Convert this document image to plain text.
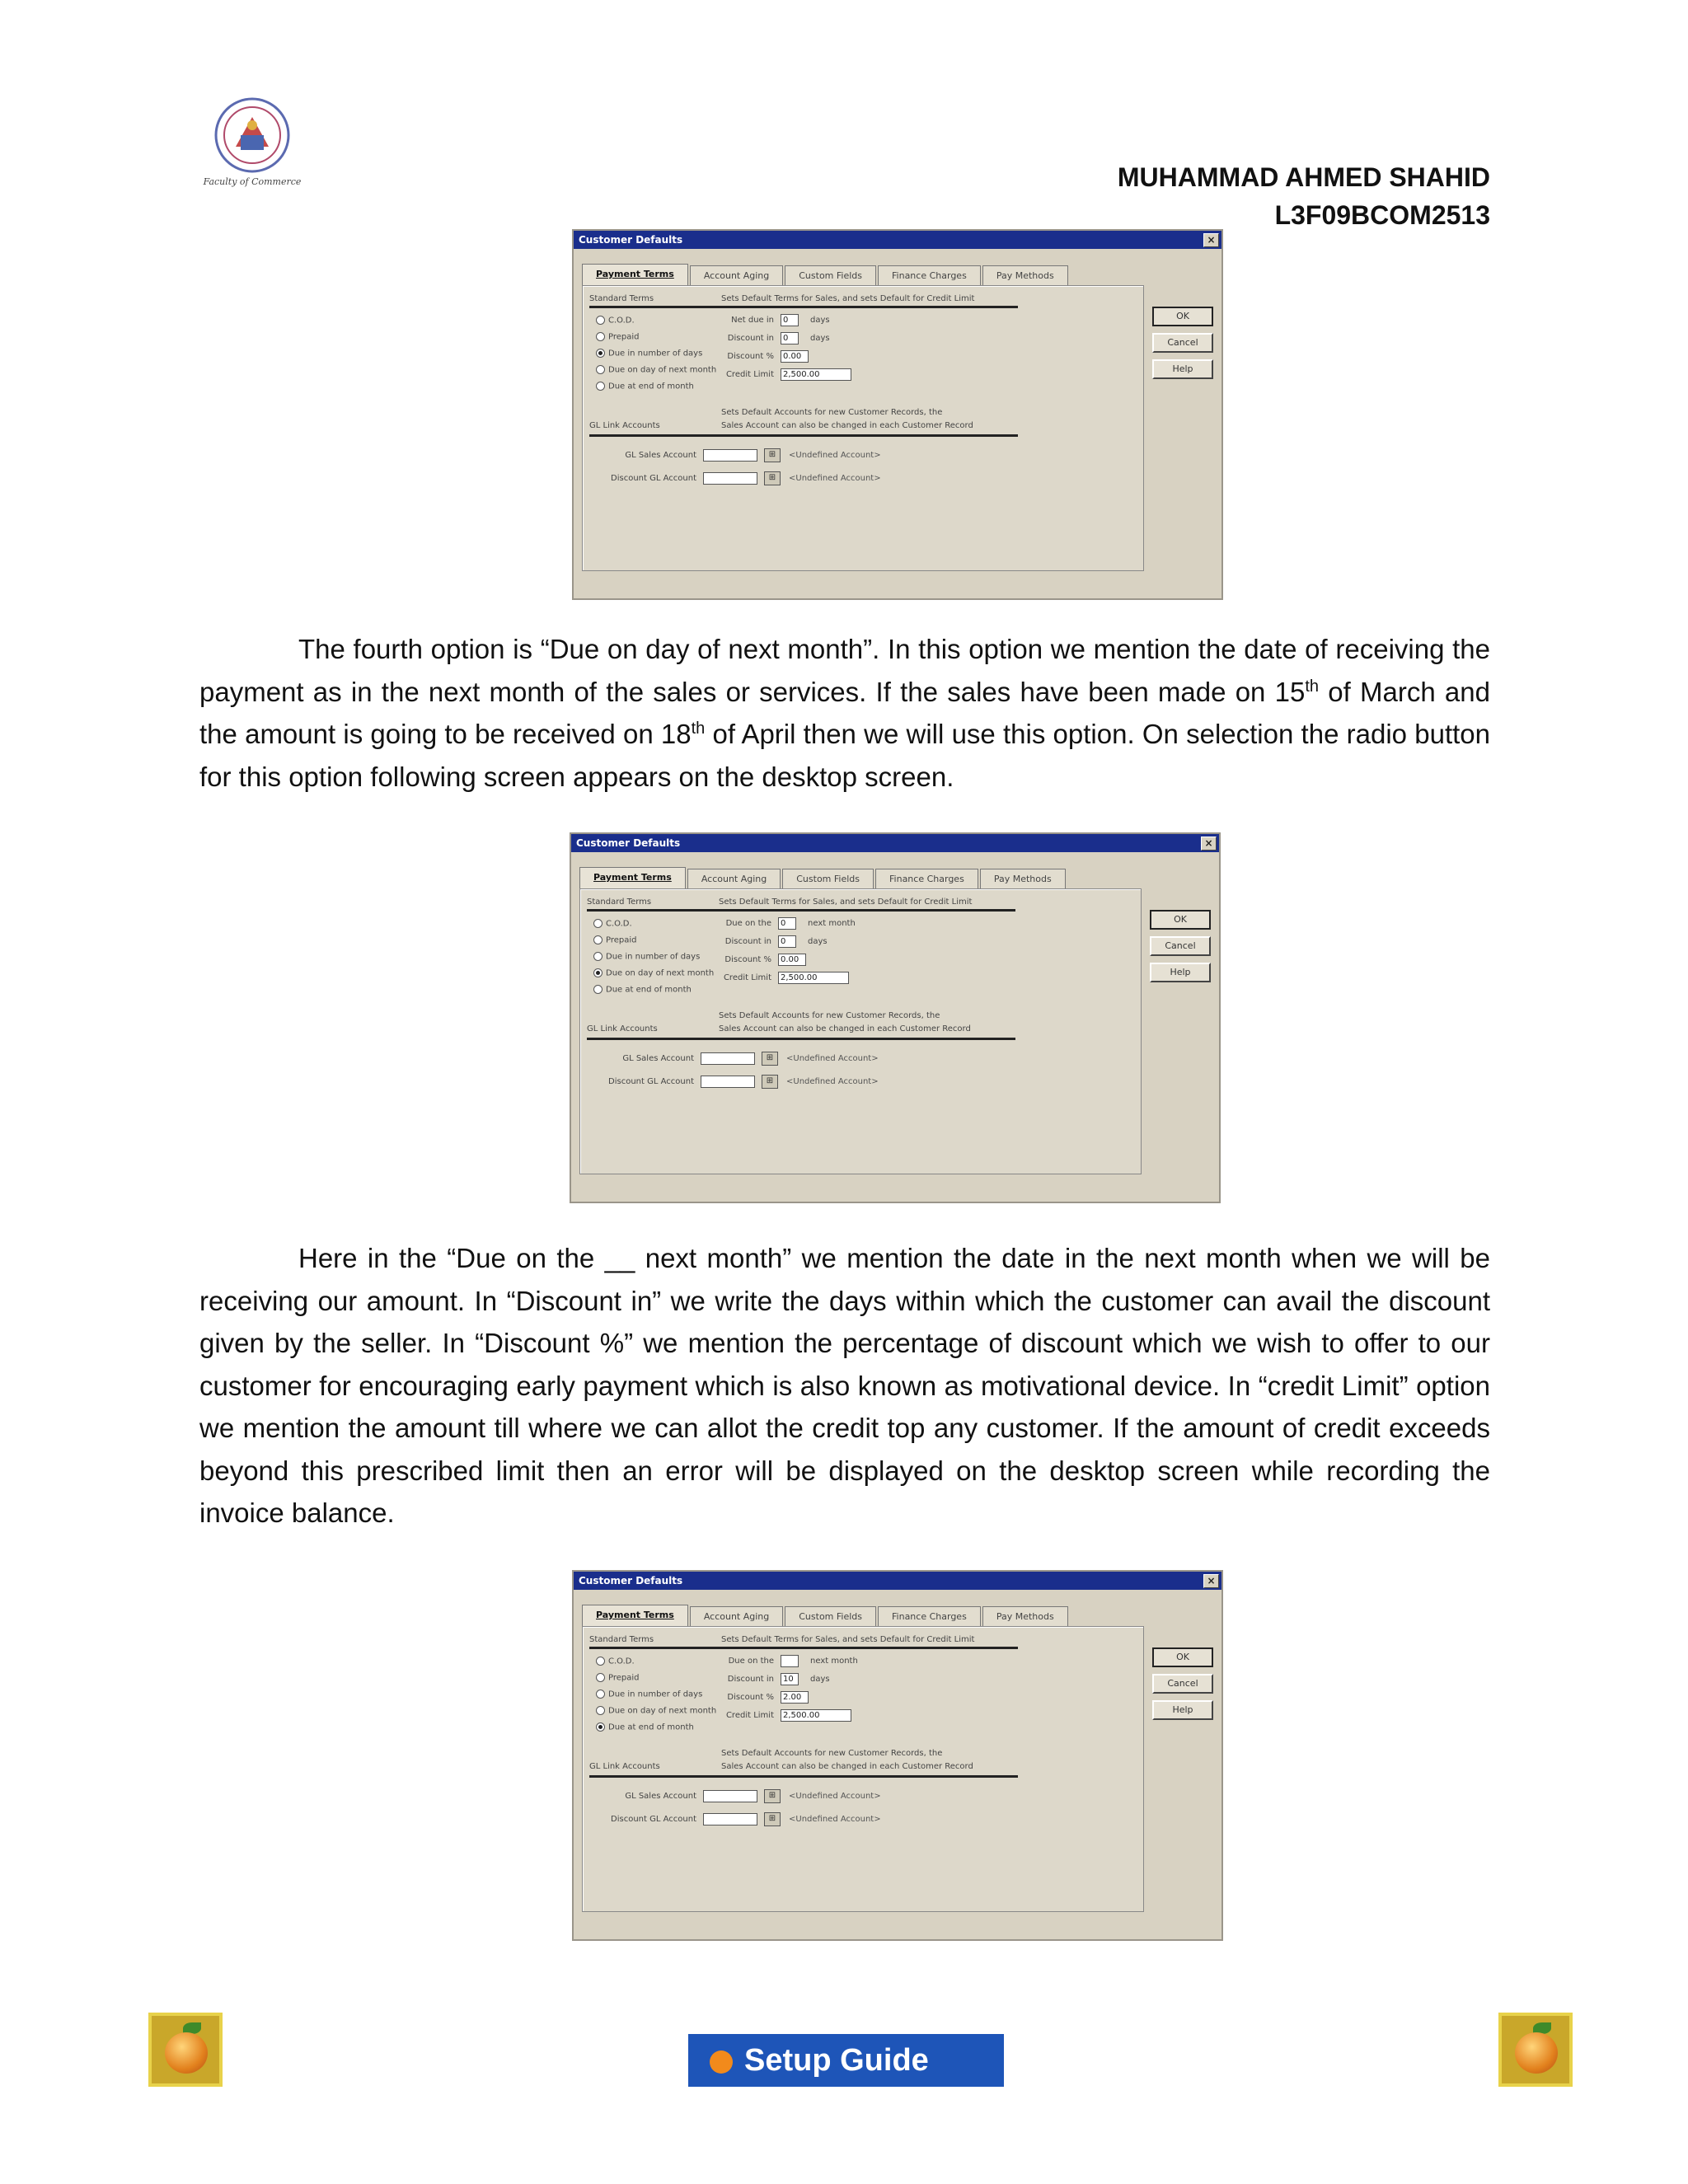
Faculty of Commerce	MUHAMMAD AHMED SHAHID
L3F09BCOM2513
Customer Defaults	×
Payment Terms	Account Aging	Custom Fields	Finance Charges	Pay Methods
Standard Terms	Sets Default Terms for Sales, and sets Default for Credit Limit
C.O.D.
Prepaid
Due in number of days
Due on day of next month
Due at end of month
Net due in	0	days
Discount in	0	days
Discount %	0.00
Credit Limit	2,500.00
Sets Default Accounts for new Customer Records, the
GL Link Accounts	Sales Account can also be changed in each Customer Record
GL Sales Account	⊞	<Undefined Account>
Discount GL Account	⊞	<Undefined Account>
OK
Cancel
Help
Customer Defaults	×
Payment Terms	Account Aging	Custom Fields	Finance Charges	Pay Methods
Standard Terms	Sets Default Terms for Sales, and sets Default for Credit Limit
C.O.D.
Prepaid
Due in number of days
Due on day of next month
Due at end of month
Due on the	0	next month
Discount in	0	days
Discount %	0.00
Credit Limit	2,500.00
Sets Default Accounts for new Customer Records, the
GL Link Accounts	Sales Account can also be changed in each Customer Record
GL Sales Account	⊞	<Undefined Account>
Discount GL Account	⊞	<Undefined Account>
OK
Cancel
Help
Customer Defaults	×
Payment Terms	Account Aging	Custom Fields	Finance Charges	Pay Methods
Standard Terms	Sets Default Terms for Sales, and sets Default for Credit Limit
C.O.D.
Prepaid
Due in number of days
Due on day of next month
Due at end of month
Due on the	next month
Discount in	10	days
Discount %	2.00
Credit Limit	2,500.00
Sets Default Accounts for new Customer Records, the
GL Link Accounts	Sales Account can also be changed in each Customer Record
GL Sales Account	⊞	<Undefined Account>
Discount GL Account	⊞	<Undefined Account>
OK
Cancel
Help
The fourth option is “Due on day of next month”. In this option we mention the date of receiving the payment as in the next month of the sales or services. If the sales have been made on 15th of March and the amount is going to be received on 18th of April then we will use this option. On selection the radio button for this option following screen appears on the desktop screen.
Here in the “Due on the __ next month” we mention the date in the next month when we will be receiving our amount. In “Discount in” we write the days within which the customer can avail the discount given by the seller. In “Discount %” we mention the percentage of discount which we wish to offer to our customer for encouraging early payment which is also known as motivational device. In “credit Limit” option we mention the amount till where we can allot the credit top any customer. If the amount of credit exceeds beyond this prescribed limit then an error will be displayed on the desktop screen while recording the invoice balance.
Setup Guide
